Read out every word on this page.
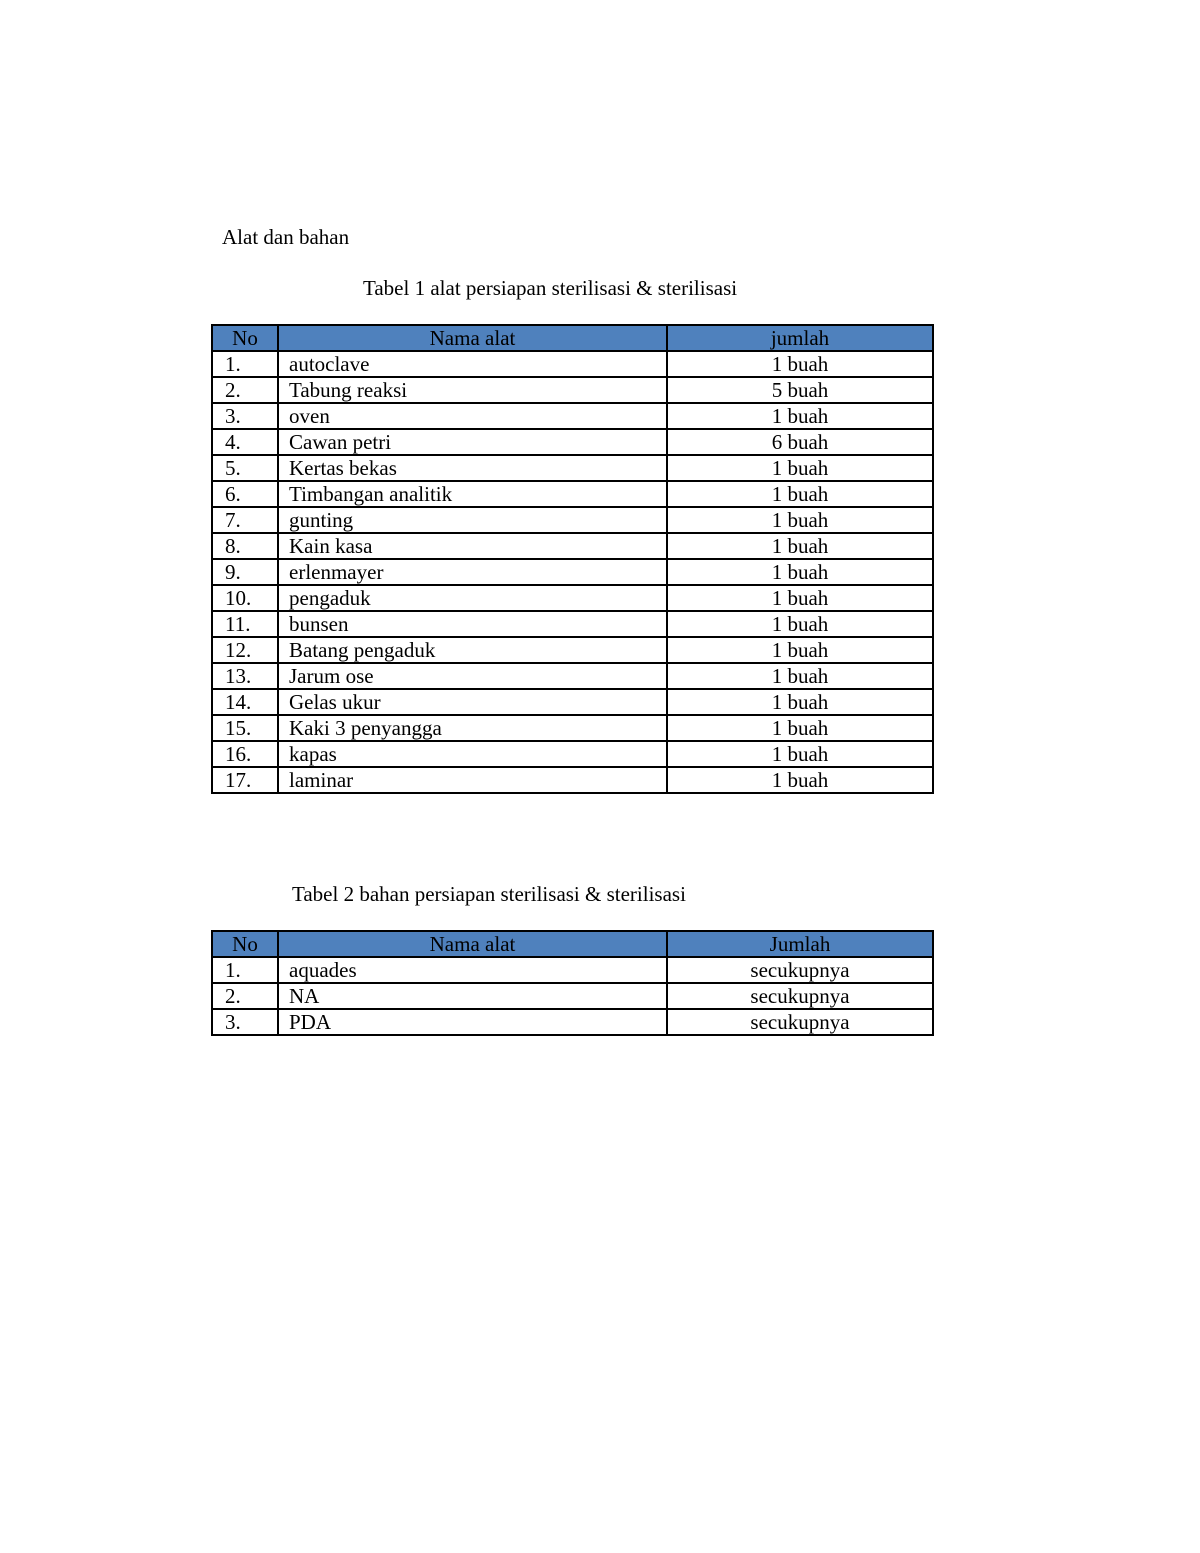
Alat dan bahan

Tabel 1 alat persiapan sterilisasi & sterilisasi

No	Nama alat	jumlah
1.	autoclave	1 buah
2.	Tabung reaksi	5 buah
3.	oven	1 buah
4.	Cawan petri	6 buah
5.	Kertas bekas	1 buah
6.	Timbangan analitik	1 buah
7.	gunting	1 buah
8.	Kain kasa	1 buah
9.	erlenmayer	1 buah
10.	pengaduk	1 buah
11.	bunsen	1 buah
12.	Batang pengaduk	1 buah
13.	Jarum ose	1 buah
14.	Gelas ukur	1 buah
15.	Kaki 3 penyangga	1 buah
16.	kapas	1 buah
17.	laminar	1 buah

Tabel 2 bahan persiapan sterilisasi & sterilisasi

No	Nama alat	Jumlah
1.	aquades	secukupnya
2.	NA	secukupnya
3.	PDA	secukupnya
